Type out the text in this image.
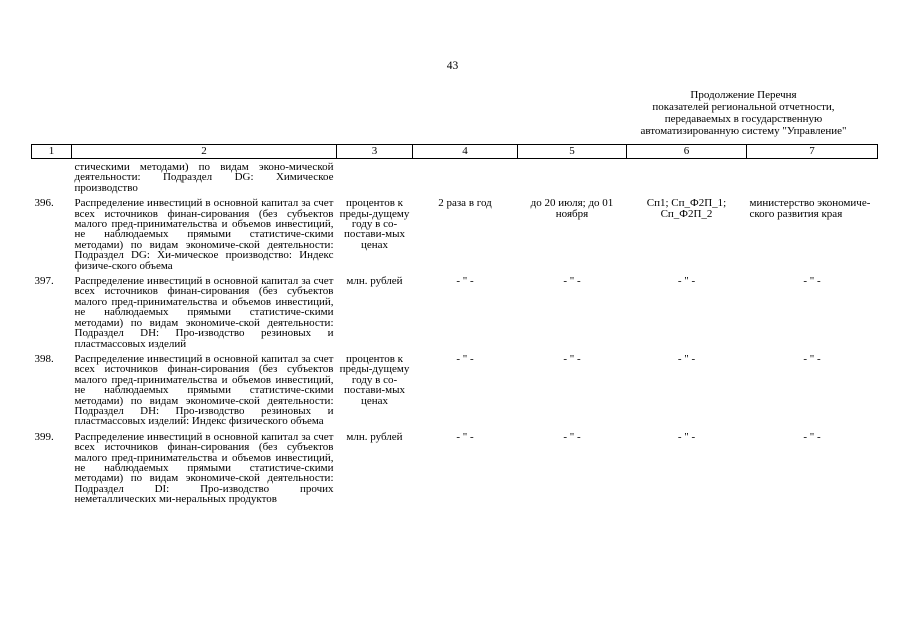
43
Продолжение Перечня
показателей региональной отчетности,
передаваемых в государственную
автоматизированную систему "Управление"
1	2	3	4	5	6	7
	стическими методами) по видам эконо-мической деятельности: Подраздел DG: Химическое производство					
396.	Распределение инвестиций в основной капитал за счет всех источников финан-сирования (без субъектов малого пред-принимательства и объемов инвестиций, не наблюдаемых прямыми статистиче-скими методами) по видам экономиче-ской деятельности: Подраздел DG: Хи-мическое производство: Индекс физиче-ского объема	процентов к преды-дущему году в со-постави-мых ценах	2 раза в год	до 20 июля; до 01 ноября	Сп1; Сп_Ф2П_1; Сп_Ф2П_2	министерство экономиче-ского развития края
397.	Распределение инвестиций в основной капитал за счет всех источников финан-сирования (без субъектов малого пред-принимательства и объемов инвестиций, не наблюдаемых прямыми статистиче-скими методами) по видам экономиче-ской деятельности: Подраздел DH: Про-изводство резиновых и пластмассовых изделий	млн. рублей	- " -	- " -	- " -	- " -
398.	Распределение инвестиций в основной капитал за счет всех источников финан-сирования (без субъектов малого пред-принимательства и объемов инвестиций, не наблюдаемых прямыми статистиче-скими методами) по видам экономиче-ской деятельности: Подраздел DH: Про-изводство резиновых и пластмассовых изделий: Индекс физического объема	процентов к преды-дущему году в со-постави-мых ценах	- " -	- " -	- " -	- " -
399.	Распределение инвестиций в основной капитал за счет всех источников финан-сирования (без субъектов малого пред-принимательства и объемов инвестиций, не наблюдаемых прямыми статистиче-скими методами) по видам экономиче-ской деятельности: Подраздел DI: Про-изводство прочих неметаллических ми-неральных продуктов	млн. рублей	- " -	- " -	- " -	- " -
